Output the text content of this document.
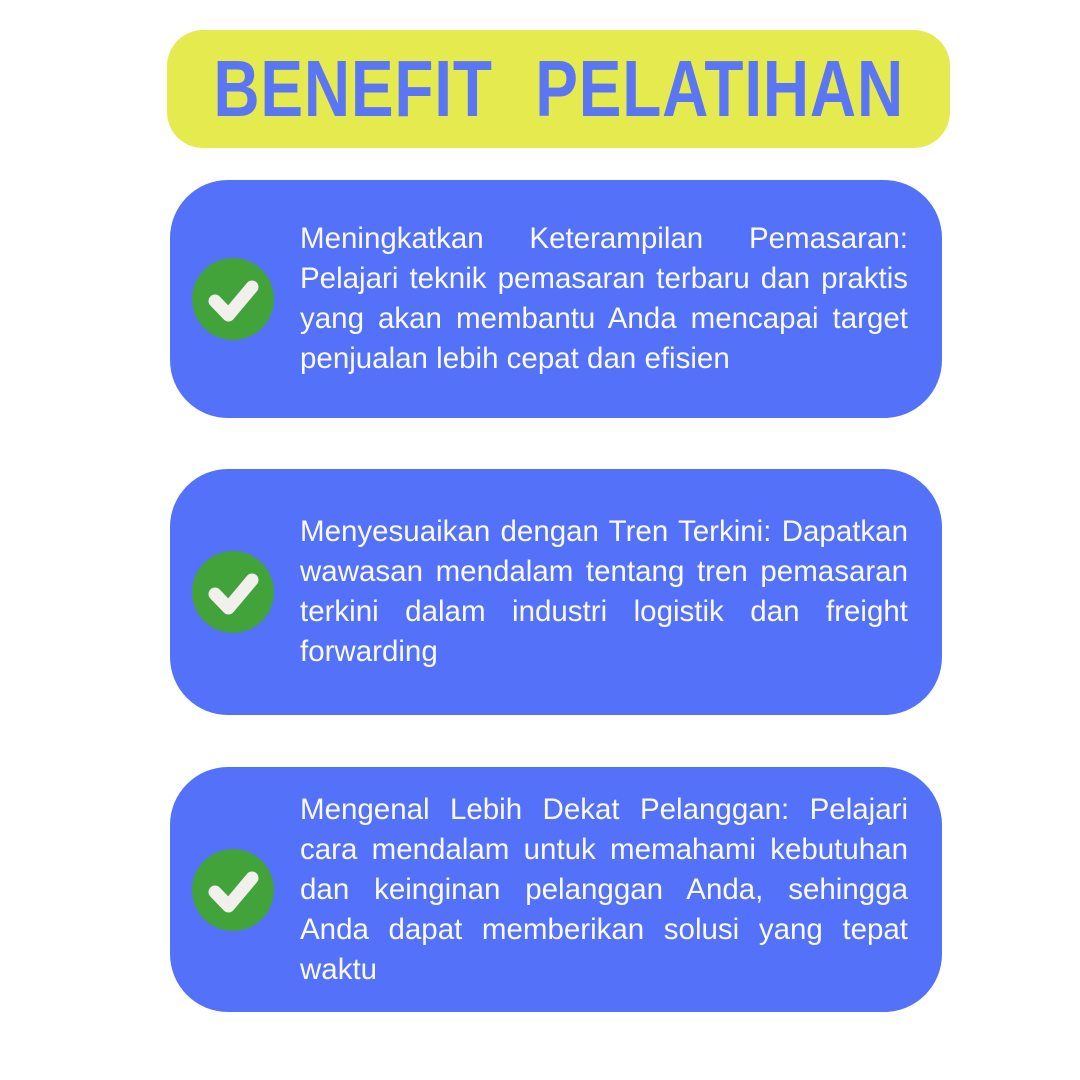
BENEFIT PELATIHAN

Meningkatkan Keterampilan Pemasaran: Pelajari teknik pemasaran terbaru dan praktis yang akan membantu Anda mencapai target penjualan lebih cepat dan efisien

Menyesuaikan dengan Tren Terkini: Dapatkan wawasan mendalam tentang tren pemasaran terkini dalam industri logistik dan freight forwarding

Mengenal Lebih Dekat Pelanggan: Pelajari cara mendalam untuk memahami kebutuhan dan keinginan pelanggan Anda, sehingga Anda dapat memberikan solusi yang tepat waktu
